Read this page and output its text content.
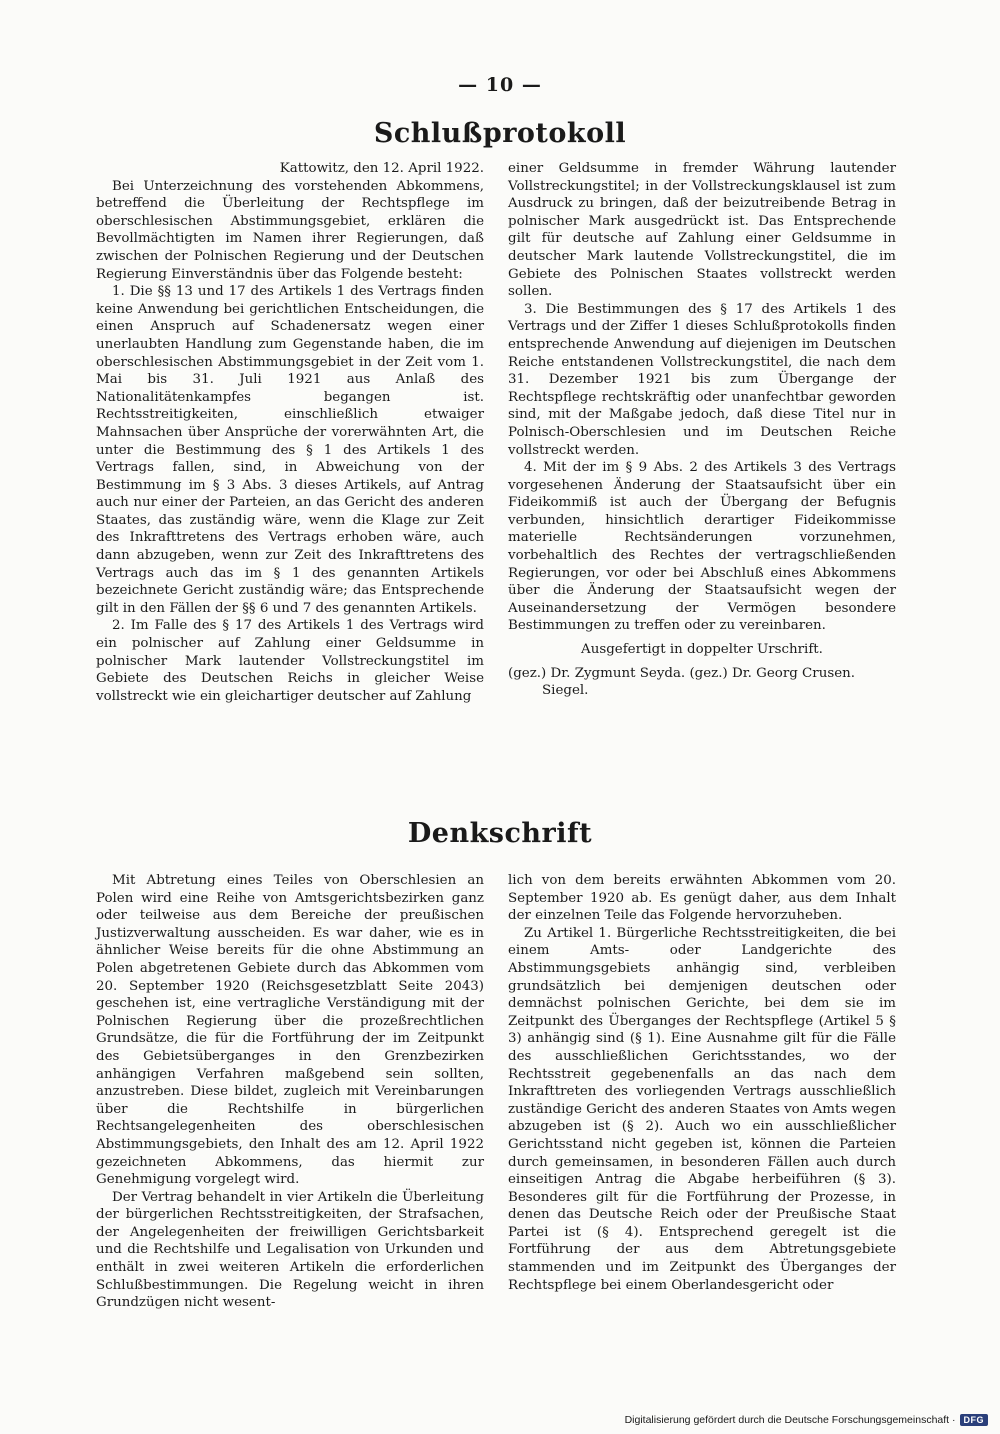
— 10 —
Schlußprotokoll

Kattowitz, den 12. April 1922.

Bei Unterzeichnung des vorstehenden Abkommens, betreffend die Überleitung der Rechtspflege im oberschlesischen Abstimmungsgebiet, erklären die Bevollmächtigten im Namen ihrer Regierungen, daß zwischen der Polnischen Regierung und der Deutschen Regierung Einverständnis über das Folgende besteht:

1. Die §§ 13 und 17 des Artikels 1 des Vertrags finden keine Anwendung bei gerichtlichen Entscheidungen, die einen Anspruch auf Schadenersatz wegen einer unerlaubten Handlung zum Gegenstande haben, die im oberschlesischen Abstimmungsgebiet in der Zeit vom 1. Mai bis 31. Juli 1921 aus Anlaß des Nationalitätenkampfes begangen ist. Rechtsstreitigkeiten, einschließlich etwaiger Mahnsachen über Ansprüche der vorerwähnten Art, die unter die Bestimmung des § 1 des Artikels 1 des Vertrags fallen, sind, in Abweichung von der Bestimmung im § 3 Abs. 3 dieses Artikels, auf Antrag auch nur einer der Parteien, an das Gericht des anderen Staates, das zuständig wäre, wenn die Klage zur Zeit des Inkrafttretens des Vertrags erhoben wäre, auch dann abzugeben, wenn zur Zeit des Inkrafttretens des Vertrags auch das im § 1 des genannten Artikels bezeichnete Gericht zuständig wäre; das Entsprechende gilt in den Fällen der §§ 6 und 7 des genannten Artikels.

2. Im Falle des § 17 des Artikels 1 des Vertrags wird ein polnischer auf Zahlung einer Geldsumme in polnischer Mark lautender Vollstreckungstitel im Gebiete des Deutschen Reichs in gleicher Weise vollstreckt wie ein gleichartiger deutscher auf Zahlung

einer Geldsumme in fremder Währung lautender Vollstreckungstitel; in der Vollstreckungsklausel ist zum Ausdruck zu bringen, daß der beizutreibende Betrag in polnischer Mark ausgedrückt ist. Das Entsprechende gilt für deutsche auf Zahlung einer Geldsumme in deutscher Mark lautende Vollstreckungstitel, die im Gebiete des Polnischen Staates vollstreckt werden sollen.

3. Die Bestimmungen des § 17 des Artikels 1 des Vertrags und der Ziffer 1 dieses Schlußprotokolls finden entsprechende Anwendung auf diejenigen im Deutschen Reiche entstandenen Vollstreckungstitel, die nach dem 31. Dezember 1921 bis zum Übergange der Rechtspflege rechtskräftig oder unanfechtbar geworden sind, mit der Maßgabe jedoch, daß diese Titel nur in Polnisch-Oberschlesien und im Deutschen Reiche vollstreckt werden.

4. Mit der im § 9 Abs. 2 des Artikels 3 des Vertrags vorgesehenen Änderung der Staatsaufsicht über ein Fideikommiß ist auch der Übergang der Befugnis verbunden, hinsichtlich derartiger Fideikommisse materielle Rechtsänderungen vorzunehmen, vorbehaltlich des Rechtes der vertragschließenden Regierungen, vor oder bei Abschluß eines Abkommens über die Änderung der Staatsaufsicht wegen der Auseinandersetzung der Vermögen besondere Bestimmungen zu treffen oder zu vereinbaren.

Ausgefertigt in doppelter Urschrift.

(gez.) Dr. Zygmunt Seyda. (gez.) Dr. Georg Crusen.

Siegel.

Denkschrift

Mit Abtretung eines Teiles von Oberschlesien an Polen wird eine Reihe von Amtsgerichtsbezirken ganz oder teilweise aus dem Bereiche der preußischen Justizverwaltung ausscheiden. Es war daher, wie es in ähnlicher Weise bereits für die ohne Abstimmung an Polen abgetretenen Gebiete durch das Abkommen vom 20. September 1920 (Reichsgesetzblatt Seite 2043) geschehen ist, eine vertragliche Verständigung mit der Polnischen Regierung über die prozeßrechtlichen Grundsätze, die für die Fortführung der im Zeitpunkt des Gebietsüberganges in den Grenzbezirken anhängigen Verfahren maßgebend sein sollten, anzustreben. Diese bildet, zugleich mit Vereinbarungen über die Rechtshilfe in bürgerlichen Rechtsangelegenheiten des oberschlesischen Abstimmungsgebiets, den Inhalt des am 12. April 1922 gezeichneten Abkommens, das hiermit zur Genehmigung vorgelegt wird.

Der Vertrag behandelt in vier Artikeln die Überleitung der bürgerlichen Rechtsstreitigkeiten, der Strafsachen, der Angelegenheiten der freiwilligen Gerichtsbarkeit und die Rechtshilfe und Legalisation von Urkunden und enthält in zwei weiteren Artikeln die erforderlichen Schlußbestimmungen. Die Regelung weicht in ihren Grundzügen nicht wesent-

lich von dem bereits erwähnten Abkommen vom 20. September 1920 ab. Es genügt daher, aus dem Inhalt der einzelnen Teile das Folgende hervorzuheben.

Zu Artikel 1. Bürgerliche Rechtsstreitigkeiten, die bei einem Amts- oder Landgerichte des Abstimmungsgebiets anhängig sind, verbleiben grundsätzlich bei demjenigen deutschen oder demnächst polnischen Gerichte, bei dem sie im Zeitpunkt des Überganges der Rechtspflege (Artikel 5 § 3) anhängig sind (§ 1). Eine Ausnahme gilt für die Fälle des ausschließlichen Gerichtsstandes, wo der Rechtsstreit gegebenenfalls an das nach dem Inkrafttreten des vorliegenden Vertrags ausschließlich zuständige Gericht des anderen Staates von Amts wegen abzugeben ist (§ 2). Auch wo ein ausschließlicher Gerichtsstand nicht gegeben ist, können die Parteien durch gemeinsamen, in besonderen Fällen auch durch einseitigen Antrag die Abgabe herbeiführen (§ 3). Besonderes gilt für die Fortführung der Prozesse, in denen das Deutsche Reich oder der Preußische Staat Partei ist (§ 4). Entsprechend geregelt ist die Fortführung der aus dem Abtretungsgebiete stammenden und im Zeitpunkt des Überganges der Rechtspflege bei einem Oberlandesgericht oder

Digitalisierung gefördert durch die Deutsche Forschungsgemeinschaft · DFG
